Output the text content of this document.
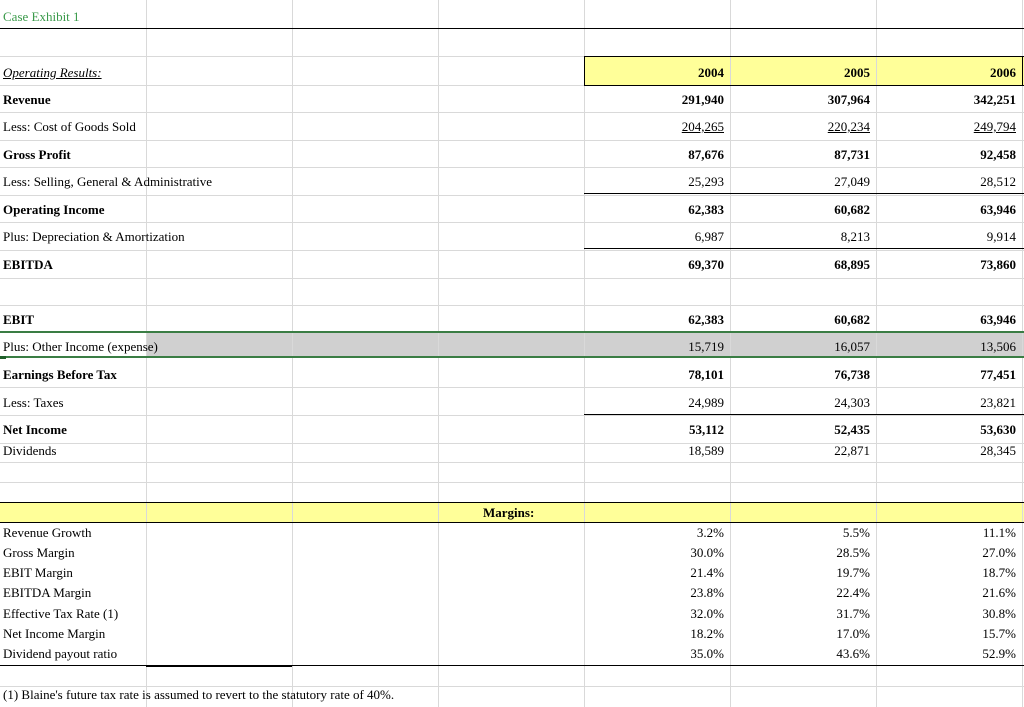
Case Exhibit 1
Operating Results:	2004	2005	2006
Revenue	291,940	307,964	342,251
Less: Cost of Goods Sold	204,265	220,234	249,794
Gross Profit	87,676	87,731	92,458
Less: Selling, General & Administrative	25,293	27,049	28,512
Operating Income	62,383	60,682	63,946
Plus: Depreciation & Amortization	6,987	8,213	9,914
EBITDA	69,370	68,895	73,860
EBIT	62,383	60,682	63,946
Plus: Other Income (expense)	15,719	16,057	13,506
Earnings Before Tax	78,101	76,738	77,451
Less: Taxes	24,989	24,303	23,821
Net Income	53,112	52,435	53,630
Dividends	18,589	22,871	28,345
Margins:
Revenue Growth	3.2%	5.5%	11.1%
Gross Margin	30.0%	28.5%	27.0%
EBIT Margin	21.4%	19.7%	18.7%
EBITDA Margin	23.8%	22.4%	21.6%
Effective Tax Rate (1)	32.0%	31.7%	30.8%
Net Income Margin	18.2%	17.0%	15.7%
Dividend payout ratio	35.0%	43.6%	52.9%
(1) Blaine's future tax rate is assumed to revert to the statutory rate of 40%.
